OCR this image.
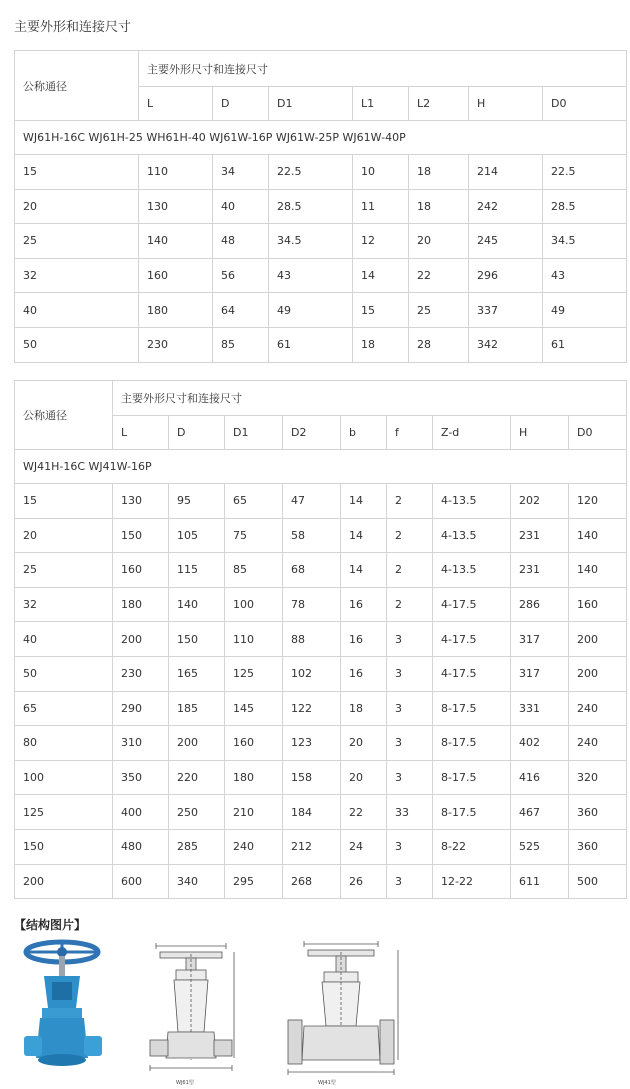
主要外形和连接尺寸
公称通径	主要外形尺寸和连接尺寸						
	L	D	D1	L1	L2	H	D0
WJ61H-16C WJ61H-25 WH61H-40 WJ61W-16P WJ61W-25P WJ61W-40P							
15	110	34	22.5	10	18	214	22.5
20	130	40	28.5	11	18	242	28.5
25	140	48	34.5	12	20	245	34.5
32	160	56	43	14	22	296	43
40	180	64	49	15	25	337	49
50	230	85	61	18	28	342	61
公称通径	主要外形尺寸和连接尺寸								
	L	D	D1	D2	b	f	Z-d	H	D0
WJ41H-16C WJ41W-16P									
15	130	95	65	47	14	2	4-13.5	202	120
20	150	105	75	58	14	2	4-13.5	231	140
25	160	115	85	68	14	2	4-13.5	231	140
32	180	140	100	78	16	2	4-17.5	286	160
40	200	150	110	88	16	3	4-17.5	317	200
50	230	165	125	102	16	3	4-17.5	317	200
65	290	185	145	122	18	3	8-17.5	331	240
80	310	200	160	123	20	3	8-17.5	402	240
100	350	220	180	158	20	3	8-17.5	416	320
125	400	250	210	184	22	33	8-17.5	467	360
150	480	285	240	212	24	3	8-22	525	360
200	600	340	295	268	26	3	12-22	611	500
【结构图片】
WJ61型	WJ41型
